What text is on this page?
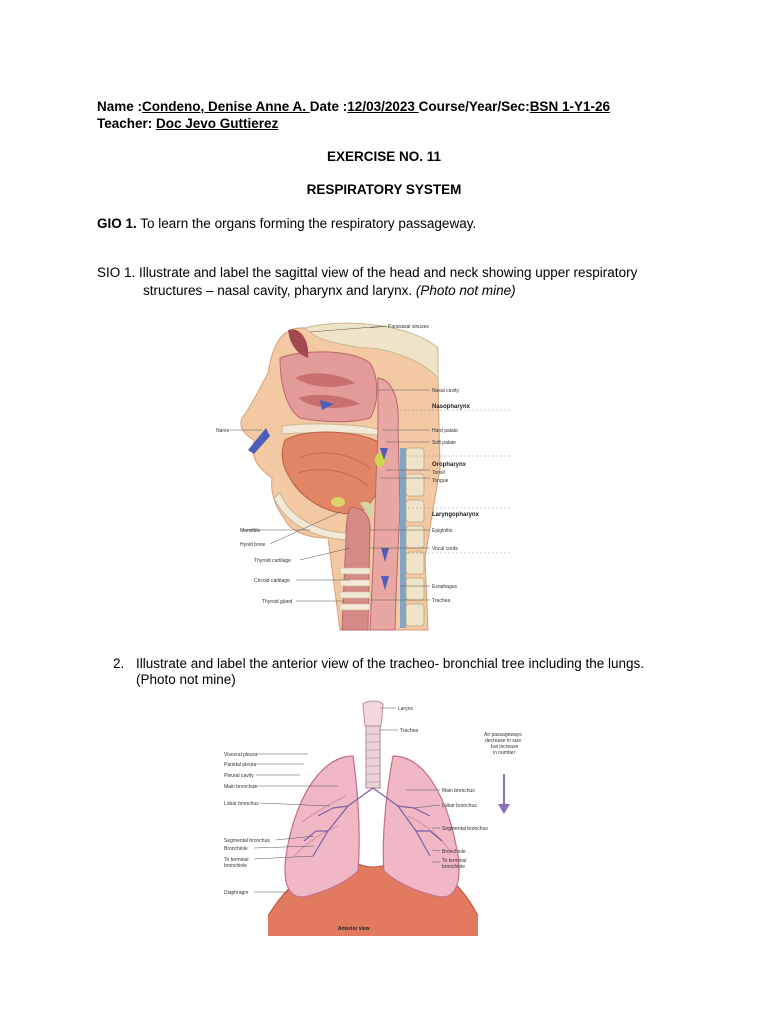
Name :Condeno, Denise Anne A. Date :12/03/2023 Course/Year/Sec:BSN 1-Y1-26
Teacher: Doc Jevo Guttierez
EXERCISE NO. 11
RESPIRATORY SYSTEM
GIO 1. To learn the organs forming the respiratory passageway.
SIO 1. Illustrate and label the sagittal view of the head and neck showing upper respiratory
structures – nasal cavity, pharynx and larynx. (Photo not mine)
Paranasal sinuses
Nasal cavity
Nasopharynx
Hard palate
Soft palate
Oropharynx
Tonsil
Tongue
Laryngopharynx
Epiglottis
Vocal cords
Esophagus
Trachea
Nares
Mandible
Hyoid bone
Thyroid cartilage
Cricoid cartilage
Thyroid gland
2. Illustrate and label the anterior view of the tracheo- bronchial tree including the lungs.
(Photo not mine)
Larynx
Trachea
Visceral pleura
Parietal pleura
Pleural cavity
Main bronchus
Lobar bronchus
Segmental bronchus
Bronchiole
To terminal
bronchiole
Diaphragm
Main bronchus
Lobar bronchus
Segmental bronchus
Bronchiole
To terminal
bronchiole
Air passageways
decrease in size
but increase
in number
Anterior view
